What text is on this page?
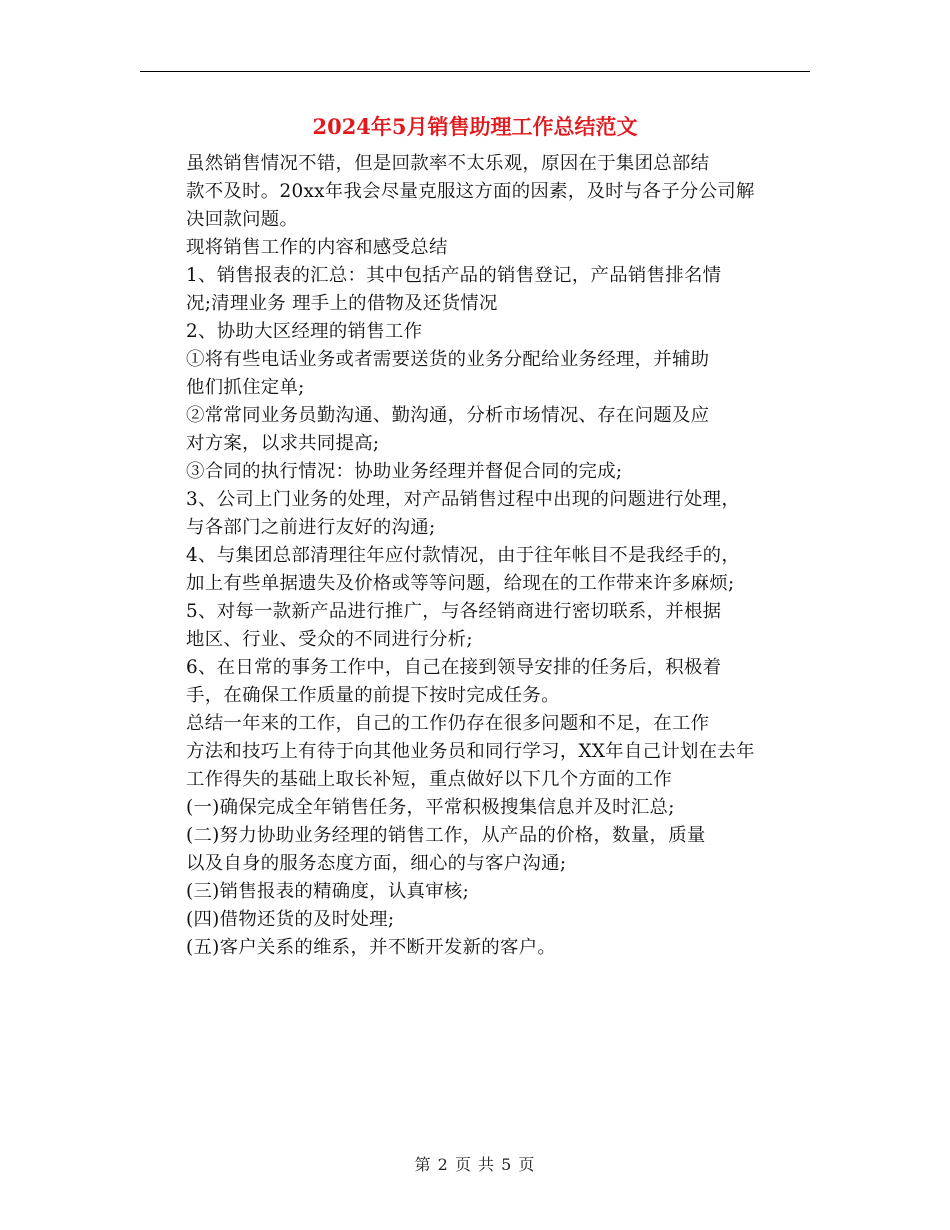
2024年5月销售助理工作总结范文

虽然销售情况不错，但是回款率不太乐观，原因在于集团总部结
款不及时。20xx年我会尽量克服这方面的因素，及时与各子分公司解
决回款问题。

现将销售工作的内容和感受总结

1、销售报表的汇总：其中包括产品的销售登记，产品销售排名情
况;清理业务 理手上的借物及还货情况

2、协助大区经理的销售工作

①将有些电话业务或者需要送货的业务分配给业务经理，并辅助
他们抓住定单;

②常常同业务员勤沟通、勤沟通，分析市场情况、存在问题及应
对方案，以求共同提高;

③合同的执行情况：协助业务经理并督促合同的完成;

3、公司上门业务的处理，对产品销售过程中出现的问题进行处理，
与各部门之前进行友好的沟通;

4、与集团总部清理往年应付款情况，由于往年帐目不是我经手的，
加上有些单据遗失及价格或等等问题，给现在的工作带来许多麻烦;

5、对每一款新产品进行推广，与各经销商进行密切联系，并根据
地区、行业、受众的不同进行分析;

6、在日常的事务工作中，自己在接到领导安排的任务后，积极着
手，在确保工作质量的前提下按时完成任务。

总结一年来的工作，自己的工作仍存在很多问题和不足，在工作
方法和技巧上有待于向其他业务员和同行学习，XX年自己计划在去年
工作得失的基础上取长补短，重点做好以下几个方面的工作

(一)确保完成全年销售任务，平常积极搜集信息并及时汇总;

(二)努力协助业务经理的销售工作，从产品的价格，数量，质量
以及自身的服务态度方面，细心的与客户沟通;

(三)销售报表的精确度，认真审核;

(四)借物还货的及时处理;

(五)客户关系的维系，并不断开发新的客户。

第 2 页 共 5 页
